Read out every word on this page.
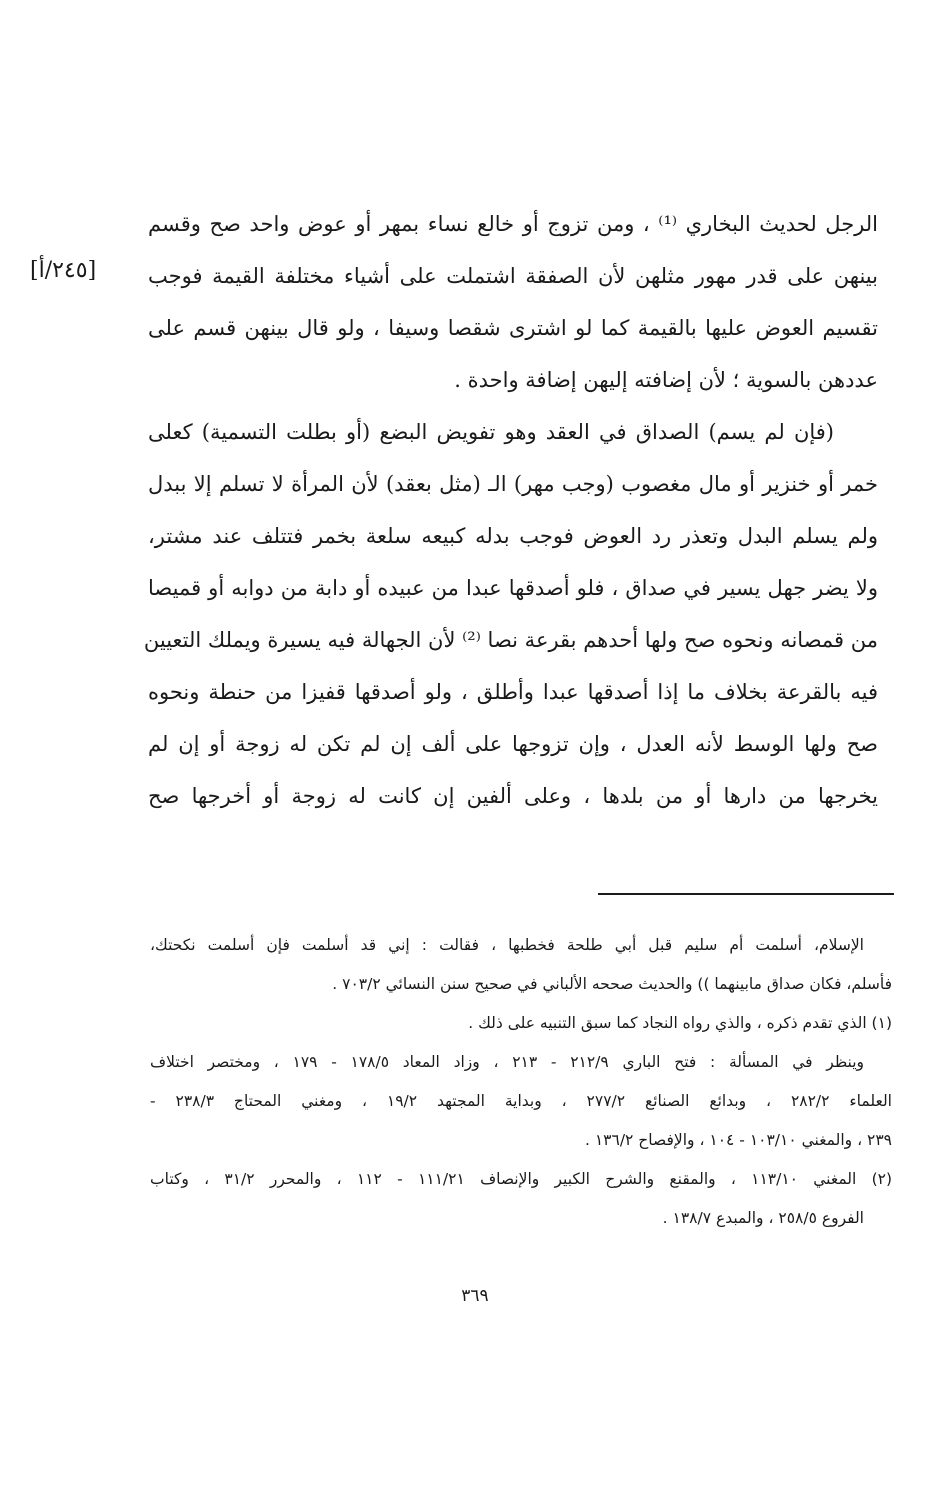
[٢٤٥/أ]
الرجل لحديث البخاري ⁽¹⁾ ، ومن تزوج أو خالع نساء بمهر أو عوض واحد صح وقسم
بينهن على قدر مهور مثلهن لأن الصفقة اشتملت على أشياء مختلفة القيمة فوجب
تقسيم العوض عليها بالقيمة كما لو اشترى شقصا وسيفا ، ولو قال بينهن قسم على
عددهن بالسوية ؛ لأن إضافته إليهن إضافة واحدة .
(فإن لم يسم) الصداق في العقد وهو تفويض البضع (أو بطلت التسمية) كعلى
خمر أو خنزير أو مال مغصوب (وجب مهر) الـ (مثل بعقد) لأن المرأة لا تسلم إلا ببدل
ولم يسلم البدل وتعذر رد العوض فوجب بدله كبيعه سلعة بخمر فتتلف عند مشتر،
ولا يضر جهل يسير في صداق ، فلو أصدقها عبدا من عبيده أو دابة من دوابه أو قميصا
من قمصانه ونحوه صح ولها أحدهم بقرعة نصا ⁽²⁾ لأن الجهالة فيه يسيرة ويملك التعيين
فيه بالقرعة بخلاف ما إذا أصدقها عبدا وأطلق ، ولو أصدقها قفيزا من حنطة ونحوه
صح ولها الوسط لأنه العدل ، وإن تزوجها على ألف إن لم تكن له زوجة أو إن لم
يخرجها من دارها أو من بلدها ، وعلى ألفين إن كانت له زوجة أو أخرجها صح
الإسلام، أسلمت أم سليم قبل أبي طلحة فخطبها ، فقالت : إني قد أسلمت فإن أسلمت نكحتك،
فأسلم، فكان صداق مابينهما )) والحديث صححه الألباني في صحيح سنن النسائي ٧٠٣/٢ .
(١) الذي تقدم ذكره ، والذي رواه النجاد كما سبق التنبيه على ذلك .
وينظر في المسألة : فتح الباري ٢١٢/٩ - ٢١٣ ، وزاد المعاد ١٧٨/٥ - ١٧٩ ، ومختصر اختلاف
العلماء ٢٨٢/٢ ، وبدائع الصنائع ٢٧٧/٢ ، وبداية المجتهد ١٩/٢ ، ومغني المحتاج ٢٣٨/٣ -
٢٣٩ ، والمغني ١٠٣/١٠ - ١٠٤ ، والإفصاح ١٣٦/٢ .
(٢) المغني ١١٣/١٠ ، والمقنع والشرح الكبير والإنصاف ١١١/٢١ - ١١٢ ، والمحرر ٣١/٢ ، وكتاب
الفروع ٢٥٨/٥ ، والمبدع ١٣٨/٧ .
٣٦٩
